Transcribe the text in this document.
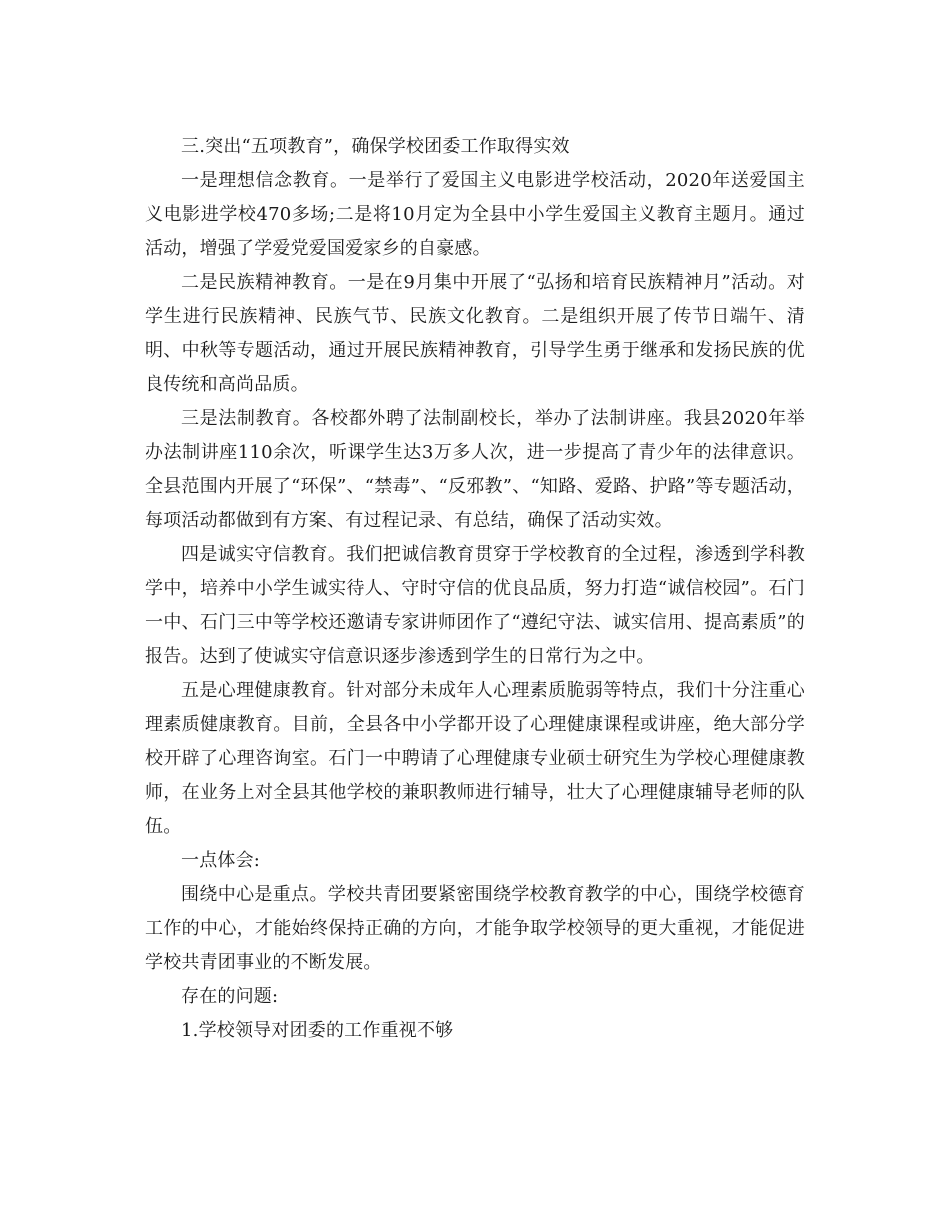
三.突出“五项教育”，确保学校团委工作取得实效

一是理想信念教育。一是举行了爱国主义电影进学校活动，2020年送爱国主义电影进学校470多场;二是将10月定为全县中小学生爱国主义教育主题月。通过活动，增强了学爱党爱国爱家乡的自豪感。

二是民族精神教育。一是在9月集中开展了“弘扬和培育民族精神月”活动。对学生进行民族精神、民族气节、民族文化教育。二是组织开展了传节日端午、清明、中秋等专题活动，通过开展民族精神教育，引导学生勇于继承和发扬民族的优良传统和高尚品质。

三是法制教育。各校都外聘了法制副校长，举办了法制讲座。我县2020年举办法制讲座110余次，听课学生达3万多人次，进一步提高了青少年的法律意识。全县范围内开展了“环保”、“禁毒”、“反邪教”、“知路、爱路、护路”等专题活动，每项活动都做到有方案、有过程记录、有总结，确保了活动实效。

四是诚实守信教育。我们把诚信教育贯穿于学校教育的全过程，渗透到学科教学中，培养中小学生诚实待人、守时守信的优良品质，努力打造“诚信校园”。石门一中、石门三中等学校还邀请专家讲师团作了“遵纪守法、诚实信用、提高素质”的报告。达到了使诚实守信意识逐步渗透到学生的日常行为之中。

五是心理健康教育。针对部分未成年人心理素质脆弱等特点，我们十分注重心理素质健康教育。目前，全县各中小学都开设了心理健康课程或讲座，绝大部分学校开辟了心理咨询室。石门一中聘请了心理健康专业硕士研究生为学校心理健康教师，在业务上对全县其他学校的兼职教师进行辅导，壮大了心理健康辅导老师的队伍。

一点体会:

围绕中心是重点。学校共青团要紧密围绕学校教育教学的中心，围绕学校德育工作的中心，才能始终保持正确的方向，才能争取学校领导的更大重视，才能促进学校共青团事业的不断发展。

存在的问题:

1.学校领导对团委的工作重视不够
